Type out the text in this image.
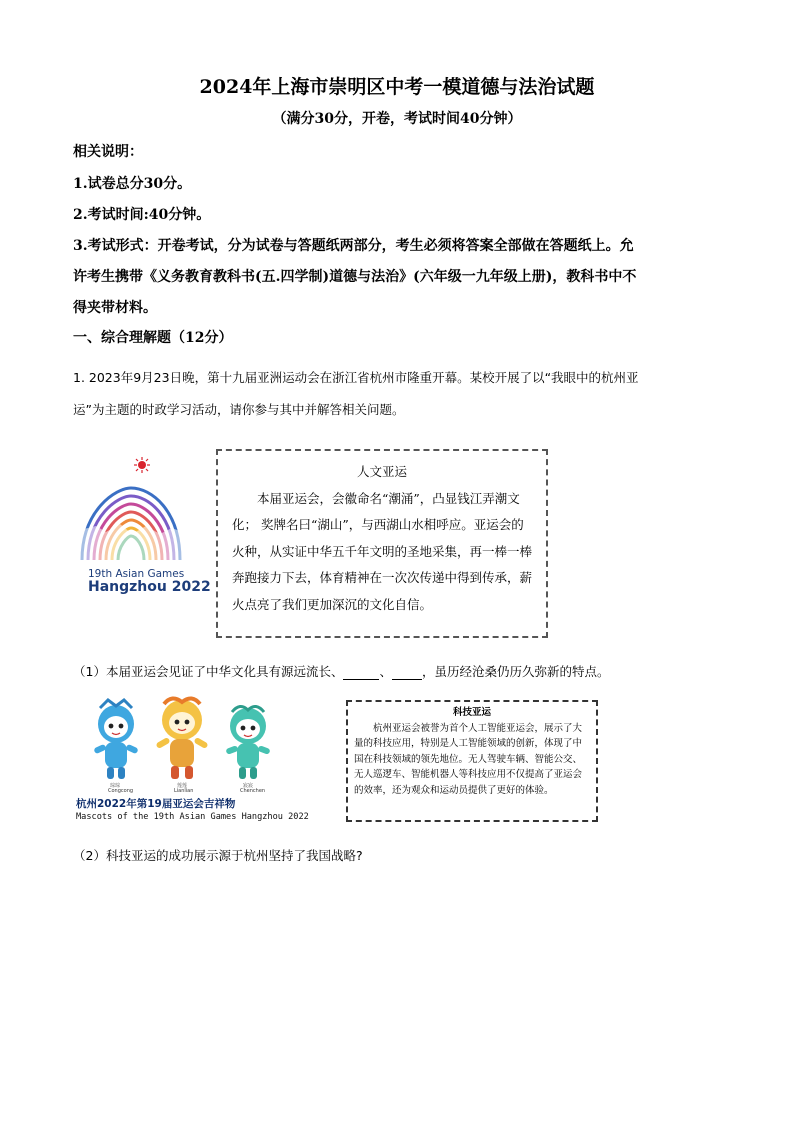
2024年上海市崇明区中考一模道德与法治试题
（满分30分，开卷，考试时间40分钟）
相关说明：
1.试卷总分30分。
2.考试时间:40分钟。
3.考试形式：开卷考试，分为试卷与答题纸两部分，考生必须将答案全部做在答题纸上。允
许考生携带《义务教育教科书(五.四学制)道德与法治》(六年级一九年级上册)，教科书中不
得夹带材料。
一、综合理解题（12分）
1. 2023年9月23日晚，第十九届亚洲运动会在浙江省杭州市隆重开幕。某校开展了以“我眼中的杭州亚
运”为主题的时政学习活动，请你参与其中并解答相关问题。
19th Asian Games
Hangzhou 2022
人文亚运

本届亚运会，会徽命名“潮涌”，凸显钱江弄潮文化； 奖牌名曰“湖山”，与西湖山水相呼应。亚运会的火种，从实证中华五千年文明的圣地采集，再一棒一棒奔跑接力下去，体育精神在一次次传递中得到传承，薪火点亮了我们更加深沉的文化自信。

（1）本届亚运会见证了中华文化具有源远流长、	、 ，虽历经沧桑仍历久弥新的特点。
琮琮
Congcong
莲莲
Lianlian
宸宸
Chenchen
杭州2022年第19届亚运会吉祥物
Mascots of the 19th Asian Games Hangzhou 2022
科技亚运

杭州亚运会被誉为首个人工智能亚运会，展示了大量的科技应用，特别是人工智能领域的创新，体现了中国在科技领域的领先地位。无人驾驶车辆、智能公交、无人巡逻车、智能机器人等科技应用不仅提高了亚运会的效率，还为观众和运动员提供了更好的体验。

（2）科技亚运的成功展示源于杭州坚持了我国战略?
